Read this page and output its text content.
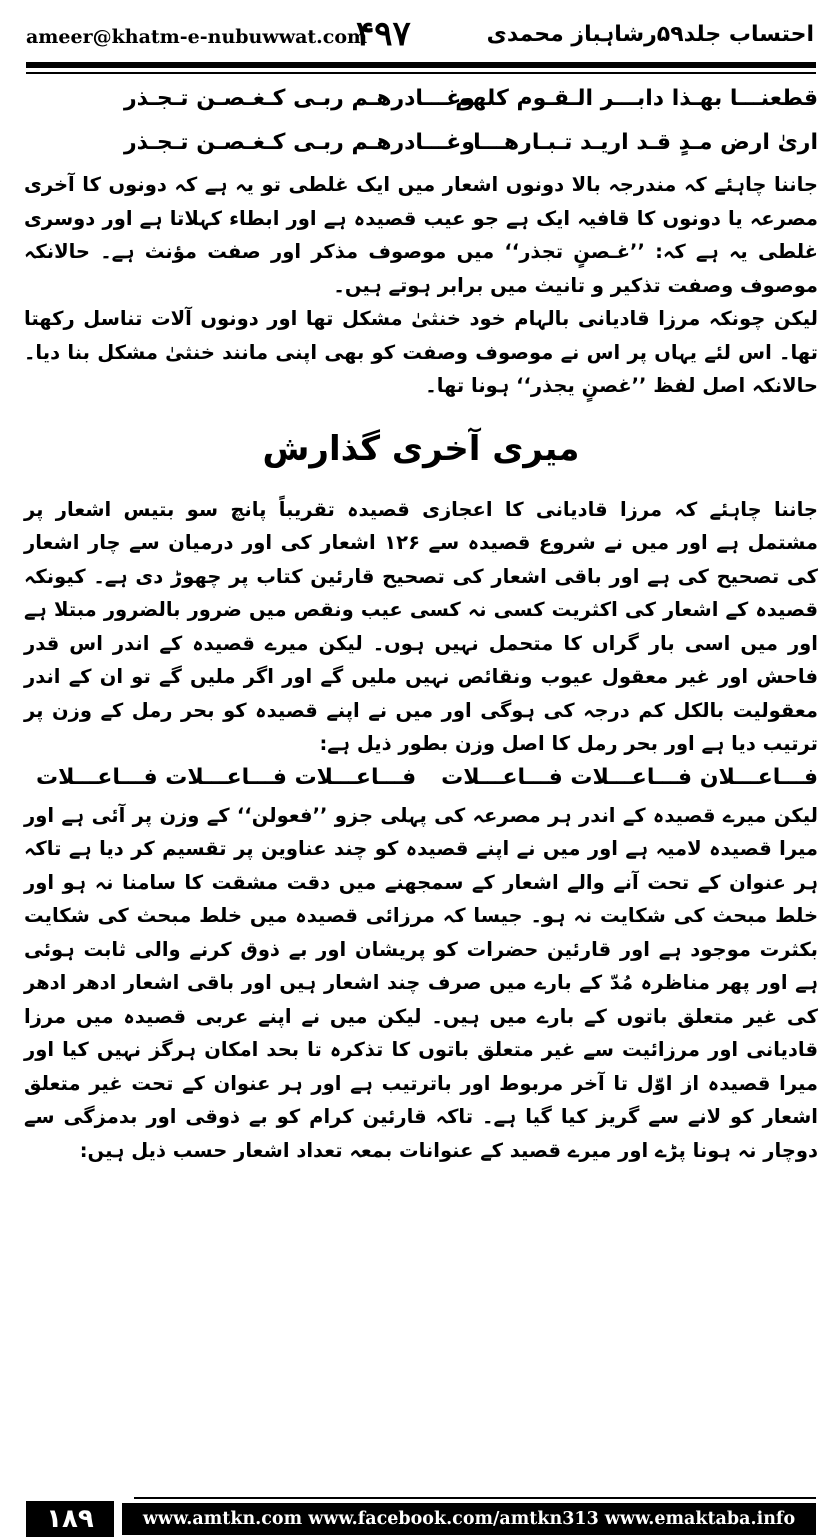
ameer@khatm-e-nubuwwat.com
۴۹۷	احتساب جلد۵۹رشاہباز محمدی
قطعنـــا بهـذا دابـــر الـقـوم كلهم
وغـــادرهـم ربـی كـغـصـن تـجـذر
اریٰ ارض مـدٍ قـد اريـد تـبـارهـــا
وغـــادرهـم ربـی كـغـصـن تـجـذر

جاننا چاہئے کہ مندرجہ بالا دونوں اشعار میں ایک غلطی تو یہ ہے کہ دونوں کا آخری مصرعہ یا دونوں کا قافیہ ایک ہے جو عیب قصیدہ ہے اور ابطاء کہلاتا ہے اور دوسری غلطی یہ ہے کہ: ’’غـصنٍ تجذر‘‘ میں موصوف مذکر اور صفت مؤنث ہے۔ حالانکہ موصوف وصفت تذکیر و تانیث میں برابر ہوتے ہیں۔

لیکن چونکہ مرزا قادیانی بالہام خود خنثیٰ مشکل تھا اور دونوں آلات تناسل رکھتا تھا۔ اس لئے یہاں پر اس نے موصوف وصفت کو بھی اپنی مانند خنثیٰ مشکل بنا دیا۔ حالانکہ اصل لفظ ’’غصنٍ یجذر‘‘ ہونا تھا۔

میری آخری گذارش

جاننا چاہئے کہ مرزا قادیانی کا اعجازی قصیدہ تقریباً پانچ سو بتیس اشعار پر مشتمل ہے اور میں نے شروع قصیدہ سے ۱۲۶ اشعار کی اور درمیان سے چار اشعار کی تصحیح کی ہے اور باقی اشعار کی تصحیح قارئین کتاب پر چھوڑ دی ہے۔ کیونکہ قصیدہ کے اشعار کی اکثریت کسی نہ کسی عیب ونقص میں ضرور بالضرور مبتلا ہے اور میں اسی بار گراں کا متحمل نہیں ہوں۔ لیکن میرے قصیدہ کے اندر اس قدر فاحش اور غیر معقول عیوب ونقائص نہیں ملیں گے اور اگر ملیں گے تو ان کے اندر معقولیت بالکل کم درجہ کی ہوگی اور میں نے اپنے قصیدہ کو بحر رمل کے وزن پر ترتیب دیا ہے اور بحر رمل کا اصل وزن بطور ذیل ہے:

فـــاعـــلان فـــاعـــلات فـــاعـــلات
فـــاعـــلات فـــاعـــلات فـــاعـــلات

لیکن میرے قصیدہ کے اندر ہر مصرعہ کی پہلی جزو ’’فعولن‘‘ کے وزن پر آئی ہے اور میرا قصیدہ لامیہ ہے اور میں نے اپنے قصیدہ کو چند عناوین پر تقسیم کر دیا ہے تاکہ ہر عنوان کے تحت آنے والے اشعار کے سمجھنے میں دقت مشقت کا سامنا نہ ہو اور خلط مبحث کی شکایت نہ ہو۔ جیسا کہ مرزائی قصیدہ میں خلط مبحث کی شکایت بکثرت موجود ہے اور قارئین حضرات کو پریشان اور بے ذوق کرنے والی ثابت ہوئی ہے اور پھر مناظرہ مُدّ کے بارے میں صرف چند اشعار ہیں اور باقی اشعار ادھر ادھر کی غیر متعلق باتوں کے بارے میں ہیں۔ لیکن میں نے اپنے عربی قصیدہ میں مرزا قادیانی اور مرزائیت سے غیر متعلق باتوں کا تذکرہ تا بحد امکان ہرگز نہیں کیا اور میرا قصیدہ از اوّل تا آخر مربوط اور باترتیب ہے اور ہر عنوان کے تحت غیر متعلق اشعار کو لانے سے گریز کیا گیا ہے۔ تاکہ قارئین کرام کو بے ذوقی اور بدمزگی سے دوچار نہ ہونا پڑے اور میرے قصید کے عنوانات بمعہ تعداد اشعار حسب ذیل ہیں:

۱۸۹	www.amtkn.com www.facebook.com/amtkn313 www.emaktaba.info
